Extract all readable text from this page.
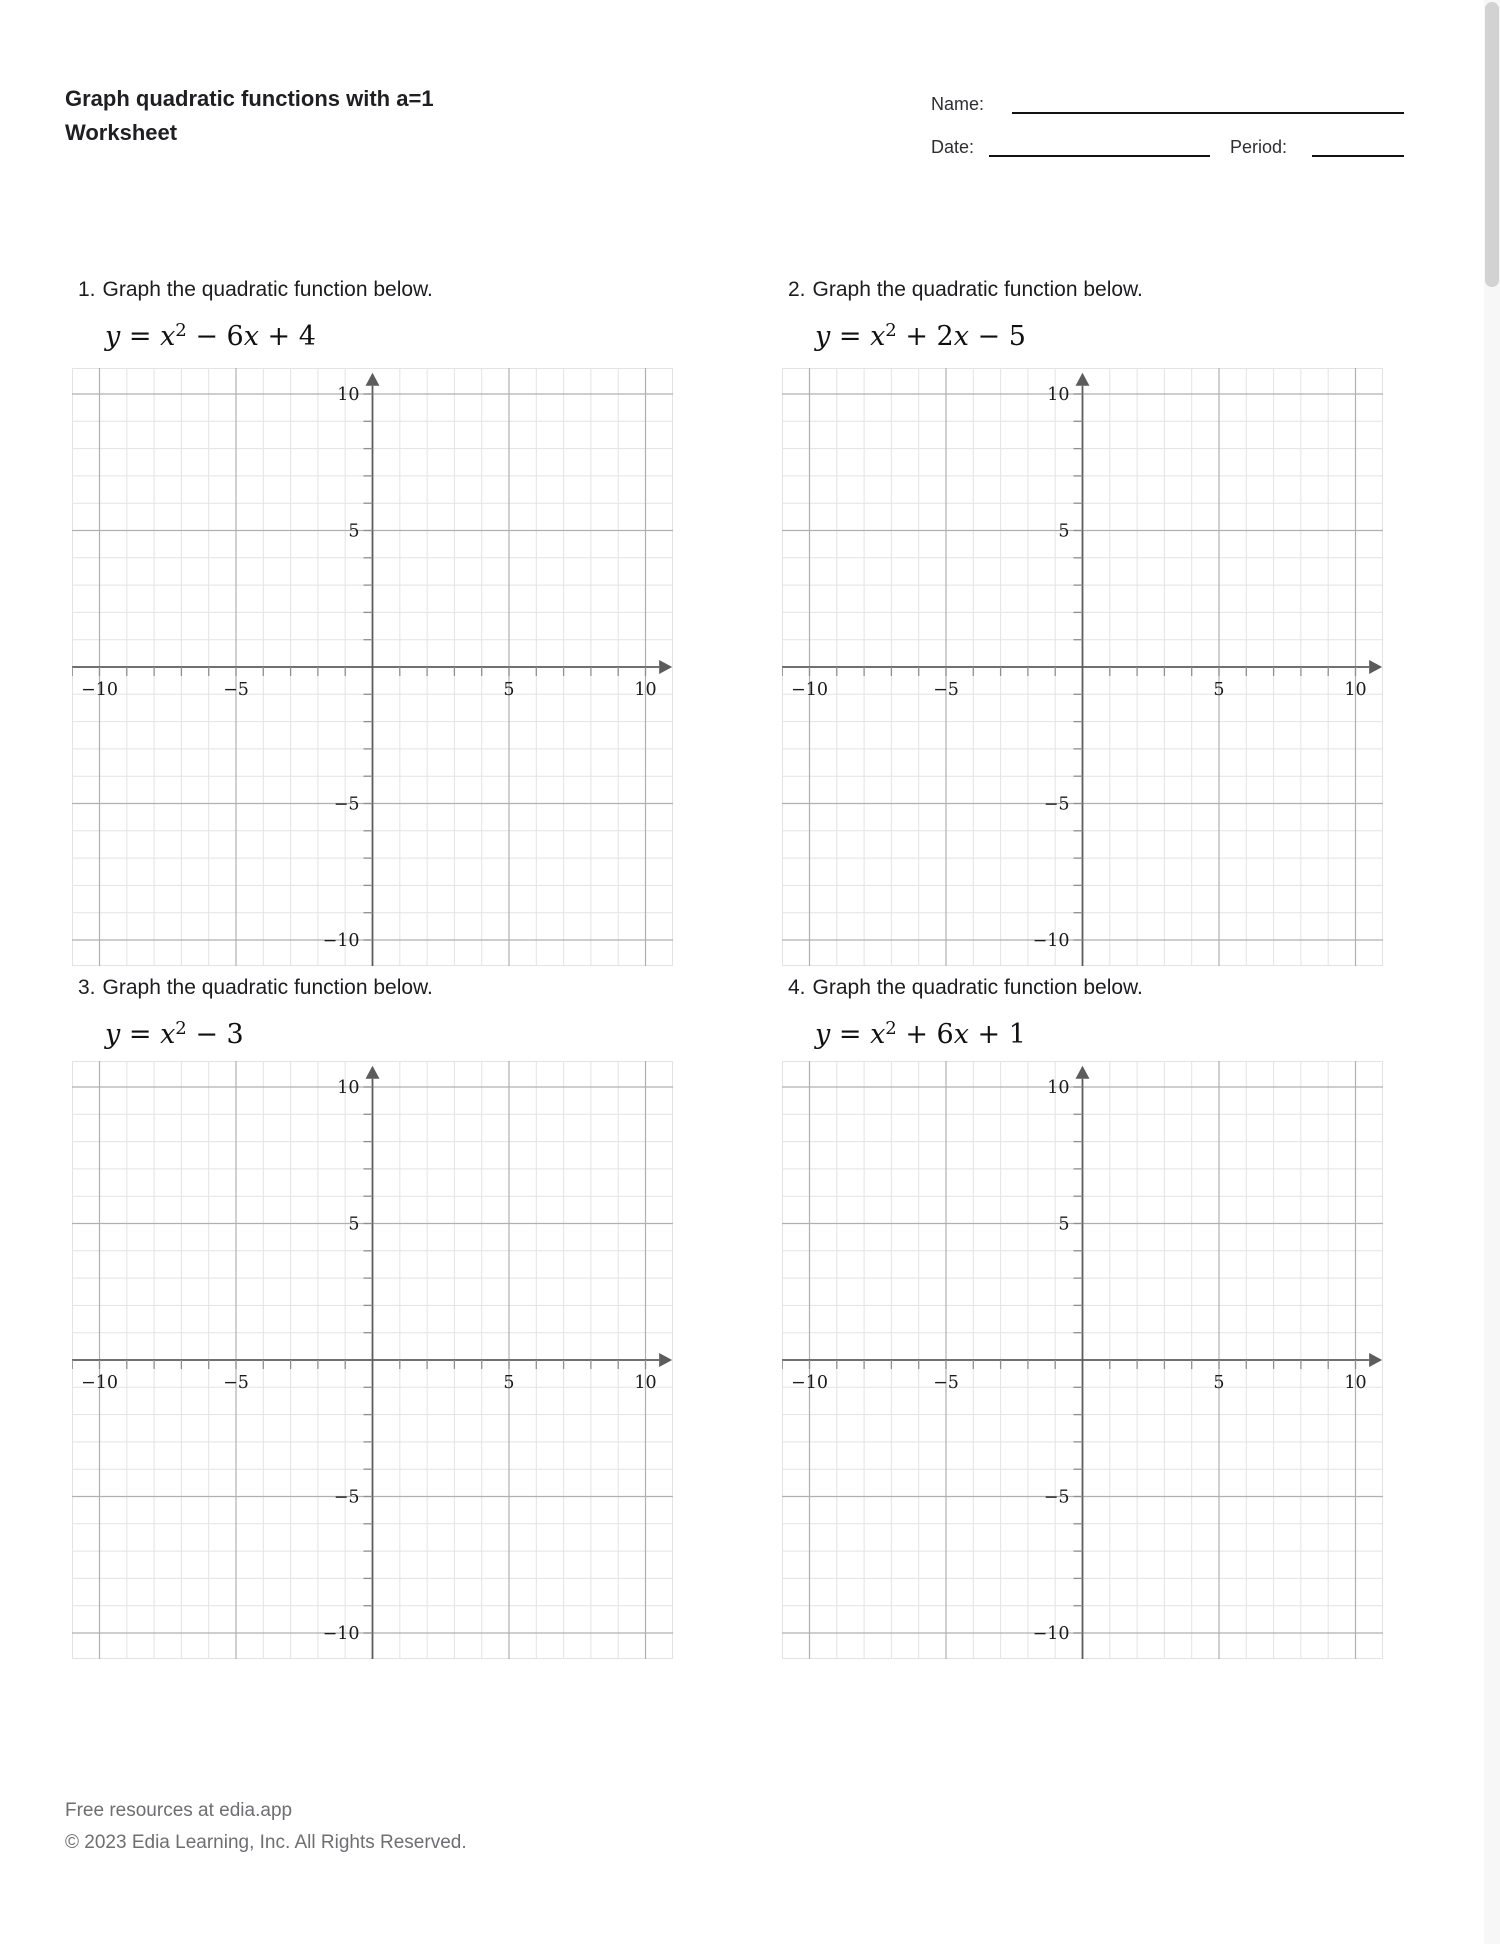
Graph quadratic functions with a=1
Worksheet
Name:
Date:	Period:
1. Graph the quadratic function below.
$y = x^2 - 6x + 4$
−10	−5	5	10
10
5
−5
−10
2. Graph the quadratic function below.
$y = x^2 + 2x - 5$
−10	−5	5	10
10
5
−5
−10
3. Graph the quadratic function below.
$y = x^2 - 3$
−10	−5	5	10
10
5
−5
−10
4. Graph the quadratic function below.
$y = x^2 + 6x + 1$
−10	−5	5	10
10
5
−5
−10
Free resources at edia.app
© 2023 Edia Learning, Inc. All Rights Reserved.
